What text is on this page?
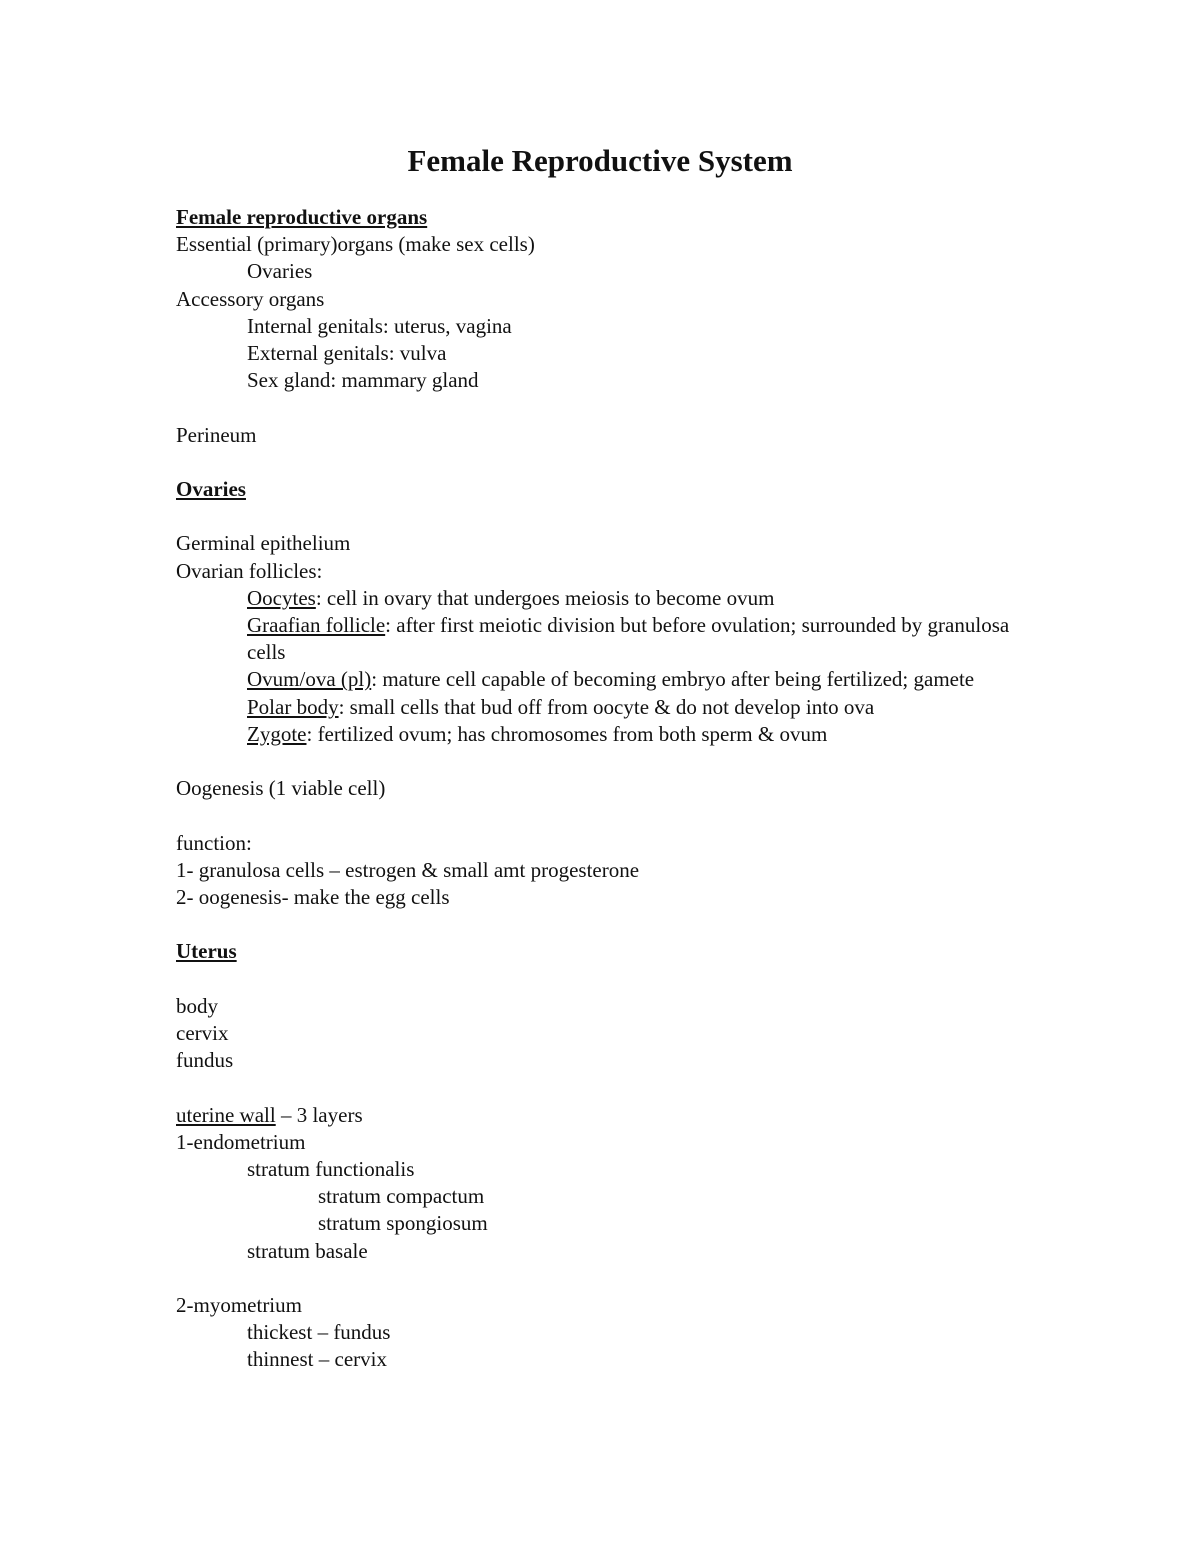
Female Reproductive System
Female reproductive organs
Essential (primary)organs (make sex cells)
Ovaries
Accessory organs
Internal genitals: uterus, vagina
External genitals: vulva
Sex gland: mammary gland
Perineum
Ovaries
Germinal epithelium
Ovarian follicles:
Oocytes: cell in ovary that undergoes meiosis to become ovum
Graafian follicle: after first meiotic division but before ovulation; surrounded by granulosa cells
Ovum/ova (pl): mature cell capable of becoming embryo after being fertilized; gamete
Polar body: small cells that bud off from oocyte & do not develop into ova
Zygote: fertilized ovum; has chromosomes from both sperm & ovum
Oogenesis (1 viable cell)
function:
1- granulosa cells – estrogen & small amt progesterone
2- oogenesis- make the egg cells
Uterus
body
cervix
fundus
uterine wall – 3 layers
1-endometrium
stratum functionalis
stratum compactum
stratum spongiosum
stratum basale
2-myometrium
thickest – fundus
thinnest – cervix
